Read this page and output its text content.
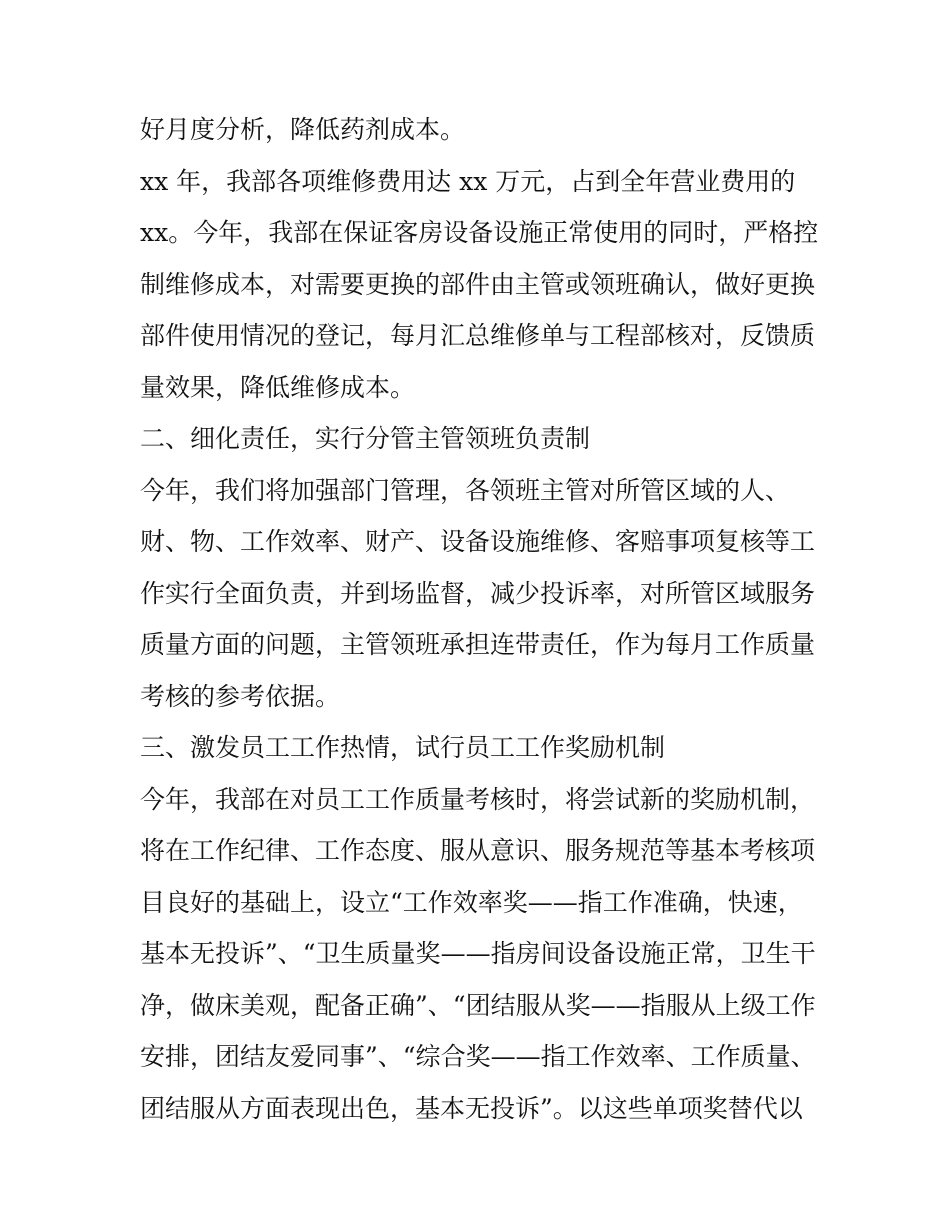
好月度分析，降低药剂成本。
xx 年，我部各项维修费用达 xx 万元，占到全年营业费用的
xx。今年，我部在保证客房设备设施正常使用的同时，严格控
制维修成本，对需要更换的部件由主管或领班确认，做好更换
部件使用情况的登记，每月汇总维修单与工程部核对，反馈质
量效果，降低维修成本。
二、细化责任，实行分管主管领班负责制
今年，我们将加强部门管理，各领班主管对所管区域的人、
财、物、工作效率、财产、设备设施维修、客赔事项复核等工
作实行全面负责，并到场监督，减少投诉率，对所管区域服务
质量方面的问题，主管领班承担连带责任，作为每月工作质量
考核的参考依据。
三、激发员工工作热情，试行员工工作奖励机制
今年，我部在对员工工作质量考核时，将尝试新的奖励机制，
将在工作纪律、工作态度、服从意识、服务规范等基本考核项
目良好的基础上，设立“工作效率奖——指工作准确，快速，
基本无投诉”、“卫生质量奖——指房间设备设施正常，卫生干
净，做床美观，配备正确”、“团结服从奖——指服从上级工作
安排，团结友爱同事”、“综合奖——指工作效率、工作质量、
团结服从方面表现出色，基本无投诉”。以这些单项奖替代以
